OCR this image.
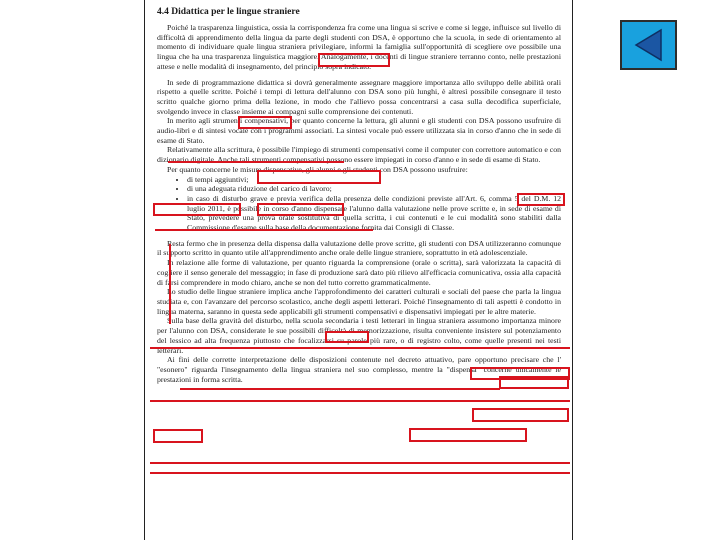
4.4 Didattica per le lingue straniere

Poiché la trasparenza linguistica, ossia la corrispondenza fra come una lingua si scrive e come si legge, influisce sul livello di difficoltà di apprendimento della lingua da parte degli studenti con DSA, è opportuno che la scuola, in sede di orientamento al momento di individuare quale lingua straniera privilegiare, informi la famiglia sull'opportunità di scegliere ove possibile una lingua che ha una trasparenza linguistica maggiore. Analogamente, i docenti di lingue straniere terranno conto, nelle prestazioni attese e nelle modalità di insegnamento, del principio sopra indicato.

In sede di programmazione didattica si dovrà generalmente assegnare maggiore importanza allo sviluppo delle abilità orali rispetto a quelle scritte. Poiché i tempi di lettura dell'alunno con DSA sono più lunghi, è altresì possibile consegnare il testo scritto qualche giorno prima della lezione, in modo che l'allievo possa concentrarsi a casa sulla decodifica superficiale, svolgendo invece in classe insieme ai compagni sulle comprensione dei contenuti.

In merito agli strumenti compensativi, per quanto concerne la lettura, gli alunni e gli studenti con DSA possono usufruire di audio-libri e di sintesi vocale con i programmi associati. La sintesi vocale può essere utilizzata sia in corso d'anno che in sede di esame di Stato.

Relativamente alla scrittura, è possibile l'impiego di strumenti compensativi come il computer con correttore automatico e con dizionario digitale. Anche tali strumenti compensativi possono essere impiegati in corso d'anno e in sede di esame di Stato.

Per quanto concerne le misure dispensative, gli alunni e gli studenti con DSA possono usufruire:

• di tempi aggiuntivi;
• di una adeguata riduzione del carico di lavoro;
• in caso di disturbo grave e previa verifica della presenza delle condizioni previste all'Art. 6, comma 5 del D.M. 12 luglio 2011, è possibile in corso d'anno dispensare l'alunno dalla valutazione nelle prove scritte e, in sede di esame di Stato, prevedere una prova orale sostitutiva di quella scritta, i cui contenuti e le cui modalità sono stabiliti dalla Commissione d'esame sulla base della documentazione fornita dai Consigli di Classe.

Resta fermo che in presenza della dispensa dalla valutazione delle prove scritte, gli studenti con DSA utilizzeranno comunque il supporto scritto in quanto utile all'apprendimento anche orale delle lingue straniere, soprattutto in età adolescenziale.

In relazione alle forme di valutazione, per quanto riguarda la comprensione (orale o scritta), sarà valorizzata la capacità di cogliere il senso generale del messaggio; in fase di produzione sarà dato più rilievo all'efficacia comunicativa, ossia alla capacità di farsi comprendere in modo chiaro, anche se non del tutto corretto grammaticalmente.

Lo studio delle lingue straniere implica anche l'approfondimento dei caratteri culturali e sociali del paese che parla la lingua studiata e, con l'avanzare del percorso scolastico, anche degli aspetti letterari. Poiché l'insegnamento di tali aspetti è condotto in lingua materna, saranno in questa sede applicabili gli strumenti compensativi e dispensativi impiegati per le altre materie.

Sulla base della gravità del disturbo, nella scuola secondaria i testi letterari in lingua straniera assumono importanza minore per l'alunno con DSA, considerate le sue possibili difficoltà di memorizzazione, risulta conveniente insistere sul potenziamento del lessico ad alta frequenza piuttosto che focalizzarsi su parole più rare, o di registro colto, come quelle presenti nei testi letterari.

Ai fini delle corrette interpretazione delle disposizioni contenute nel decreto attuativo, pare opportuno precisare che l' "esonero" riguarda l'insegnamento della lingua straniera nel suo complesso, mentre la "dispensa" concerne unicamente le prestazioni in forma scritta.
